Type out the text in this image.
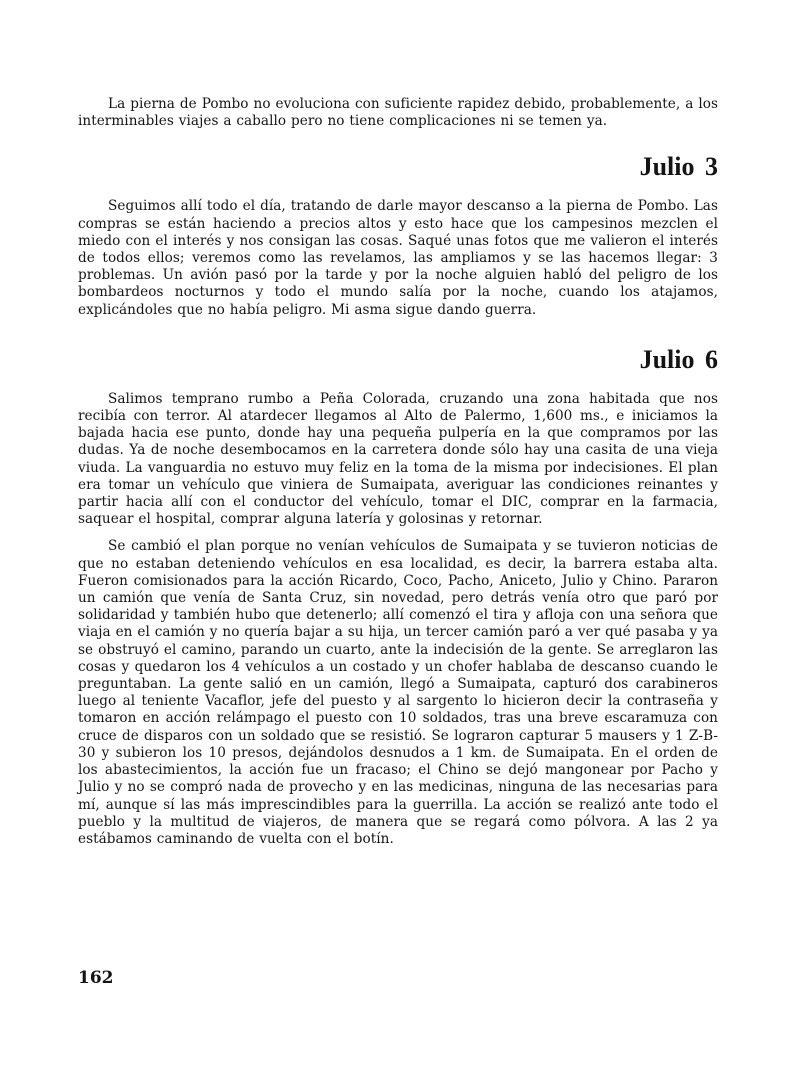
La pierna de Pombo no evoluciona con suficiente rapidez debido, probablemente, a los interminables viajes a caballo pero no tiene complicaciones ni se temen ya.

Julio 3

Seguimos allí todo el día, tratando de darle mayor descanso a la pierna de Pombo. Las compras se están haciendo a precios altos y esto hace que los campesinos mezclen el miedo con el interés y nos consigan las cosas. Saqué unas fotos que me valieron el interés de todos ellos; veremos como las revelamos, las ampliamos y se las hacemos llegar: 3 problemas. Un avión pasó por la tarde y por la noche alguien habló del peligro de los bombardeos nocturnos y todo el mundo salía por la noche, cuando los atajamos, explicándoles que no había peligro. Mi asma sigue dando guerra.

Julio 6

Salimos temprano rumbo a Peña Colorada, cruzando una zona habitada que nos recibía con terror. Al atardecer llegamos al Alto de Palermo, 1,600 ms., e iniciamos la bajada hacia ese punto, donde hay una pequeña pulpería en la que compramos por las dudas. Ya de noche desembocamos en la carretera donde sólo hay una casita de una vieja viuda. La vanguardia no estuvo muy feliz en la toma de la misma por indecisiones. El plan era tomar un vehículo que viniera de Sumaipata, averiguar las condiciones reinantes y partir hacia allí con el conductor del vehículo, tomar el DIC, comprar en la farmacia, saquear el hospital, comprar alguna latería y golosinas y retornar.

Se cambió el plan porque no venían vehículos de Sumaipata y se tuvieron noticias de que no estaban deteniendo vehículos en esa localidad, es decir, la barrera estaba alta. Fueron comisionados para la acción Ricardo, Coco, Pacho, Aniceto, Julio y Chino. Pararon un camión que venía de Santa Cruz, sin novedad, pero detrás venía otro que paró por solidaridad y también hubo que detenerlo; allí comenzó el tira y afloja con una señora que viaja en el camión y no quería bajar a su hija, un tercer camión paró a ver qué pasaba y ya se obstruyó el camino, parando un cuarto, ante la indecisión de la gente. Se arreglaron las cosas y quedaron los 4 vehículos a un costado y un chofer hablaba de descanso cuando le preguntaban. La gente salió en un camión, llegó a Sumaipata, capturó dos carabineros luego al teniente Vacaflor, jefe del puesto y al sargento lo hicieron decir la contraseña y tomaron en acción relámpago el puesto con 10 soldados, tras una breve escaramuza con cruce de disparos con un soldado que se resistió. Se lograron capturar 5 mausers y 1 Z-B-30 y subieron los 10 presos, dejándolos desnudos a 1 km. de Sumaipata. En el orden de los abastecimientos, la acción fue un fracaso; el Chino se dejó mangonear por Pacho y Julio y no se compró nada de provecho y en las medicinas, ninguna de las necesarias para mí, aunque sí las más imprescindibles para la guerrilla. La acción se realizó ante todo el pueblo y la multitud de viajeros, de manera que se regará como pólvora. A las 2 ya estábamos caminando de vuelta con el botín.

162
